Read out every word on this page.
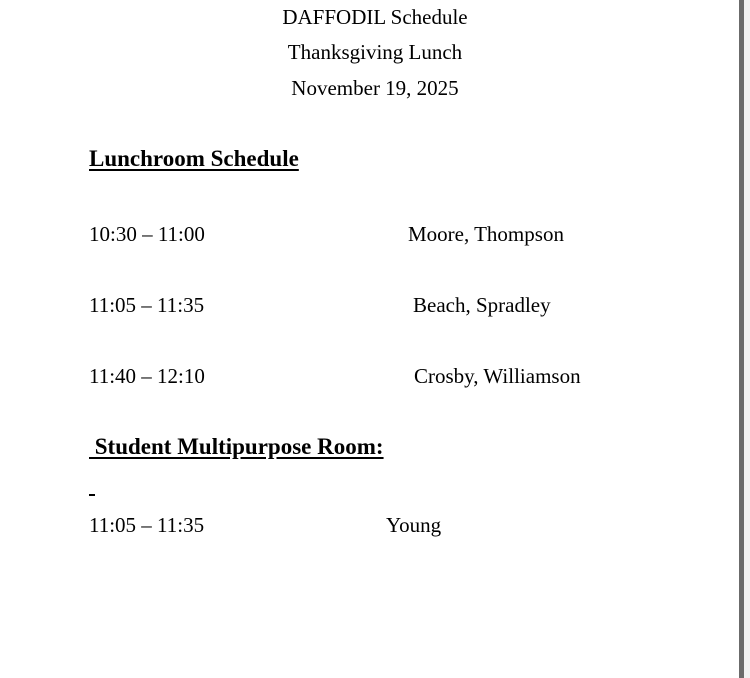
DAFFODIL Schedule
Thanksgiving Lunch
November 19, 2025
Lunchroom Schedule
10:30 – 11:00	Moore, Thompson
11:05 – 11:35	Beach, Spradley
11:40 – 12:10	Crosby, Williamson
Student Multipurpose Room:
11:05 – 11:35	Young
